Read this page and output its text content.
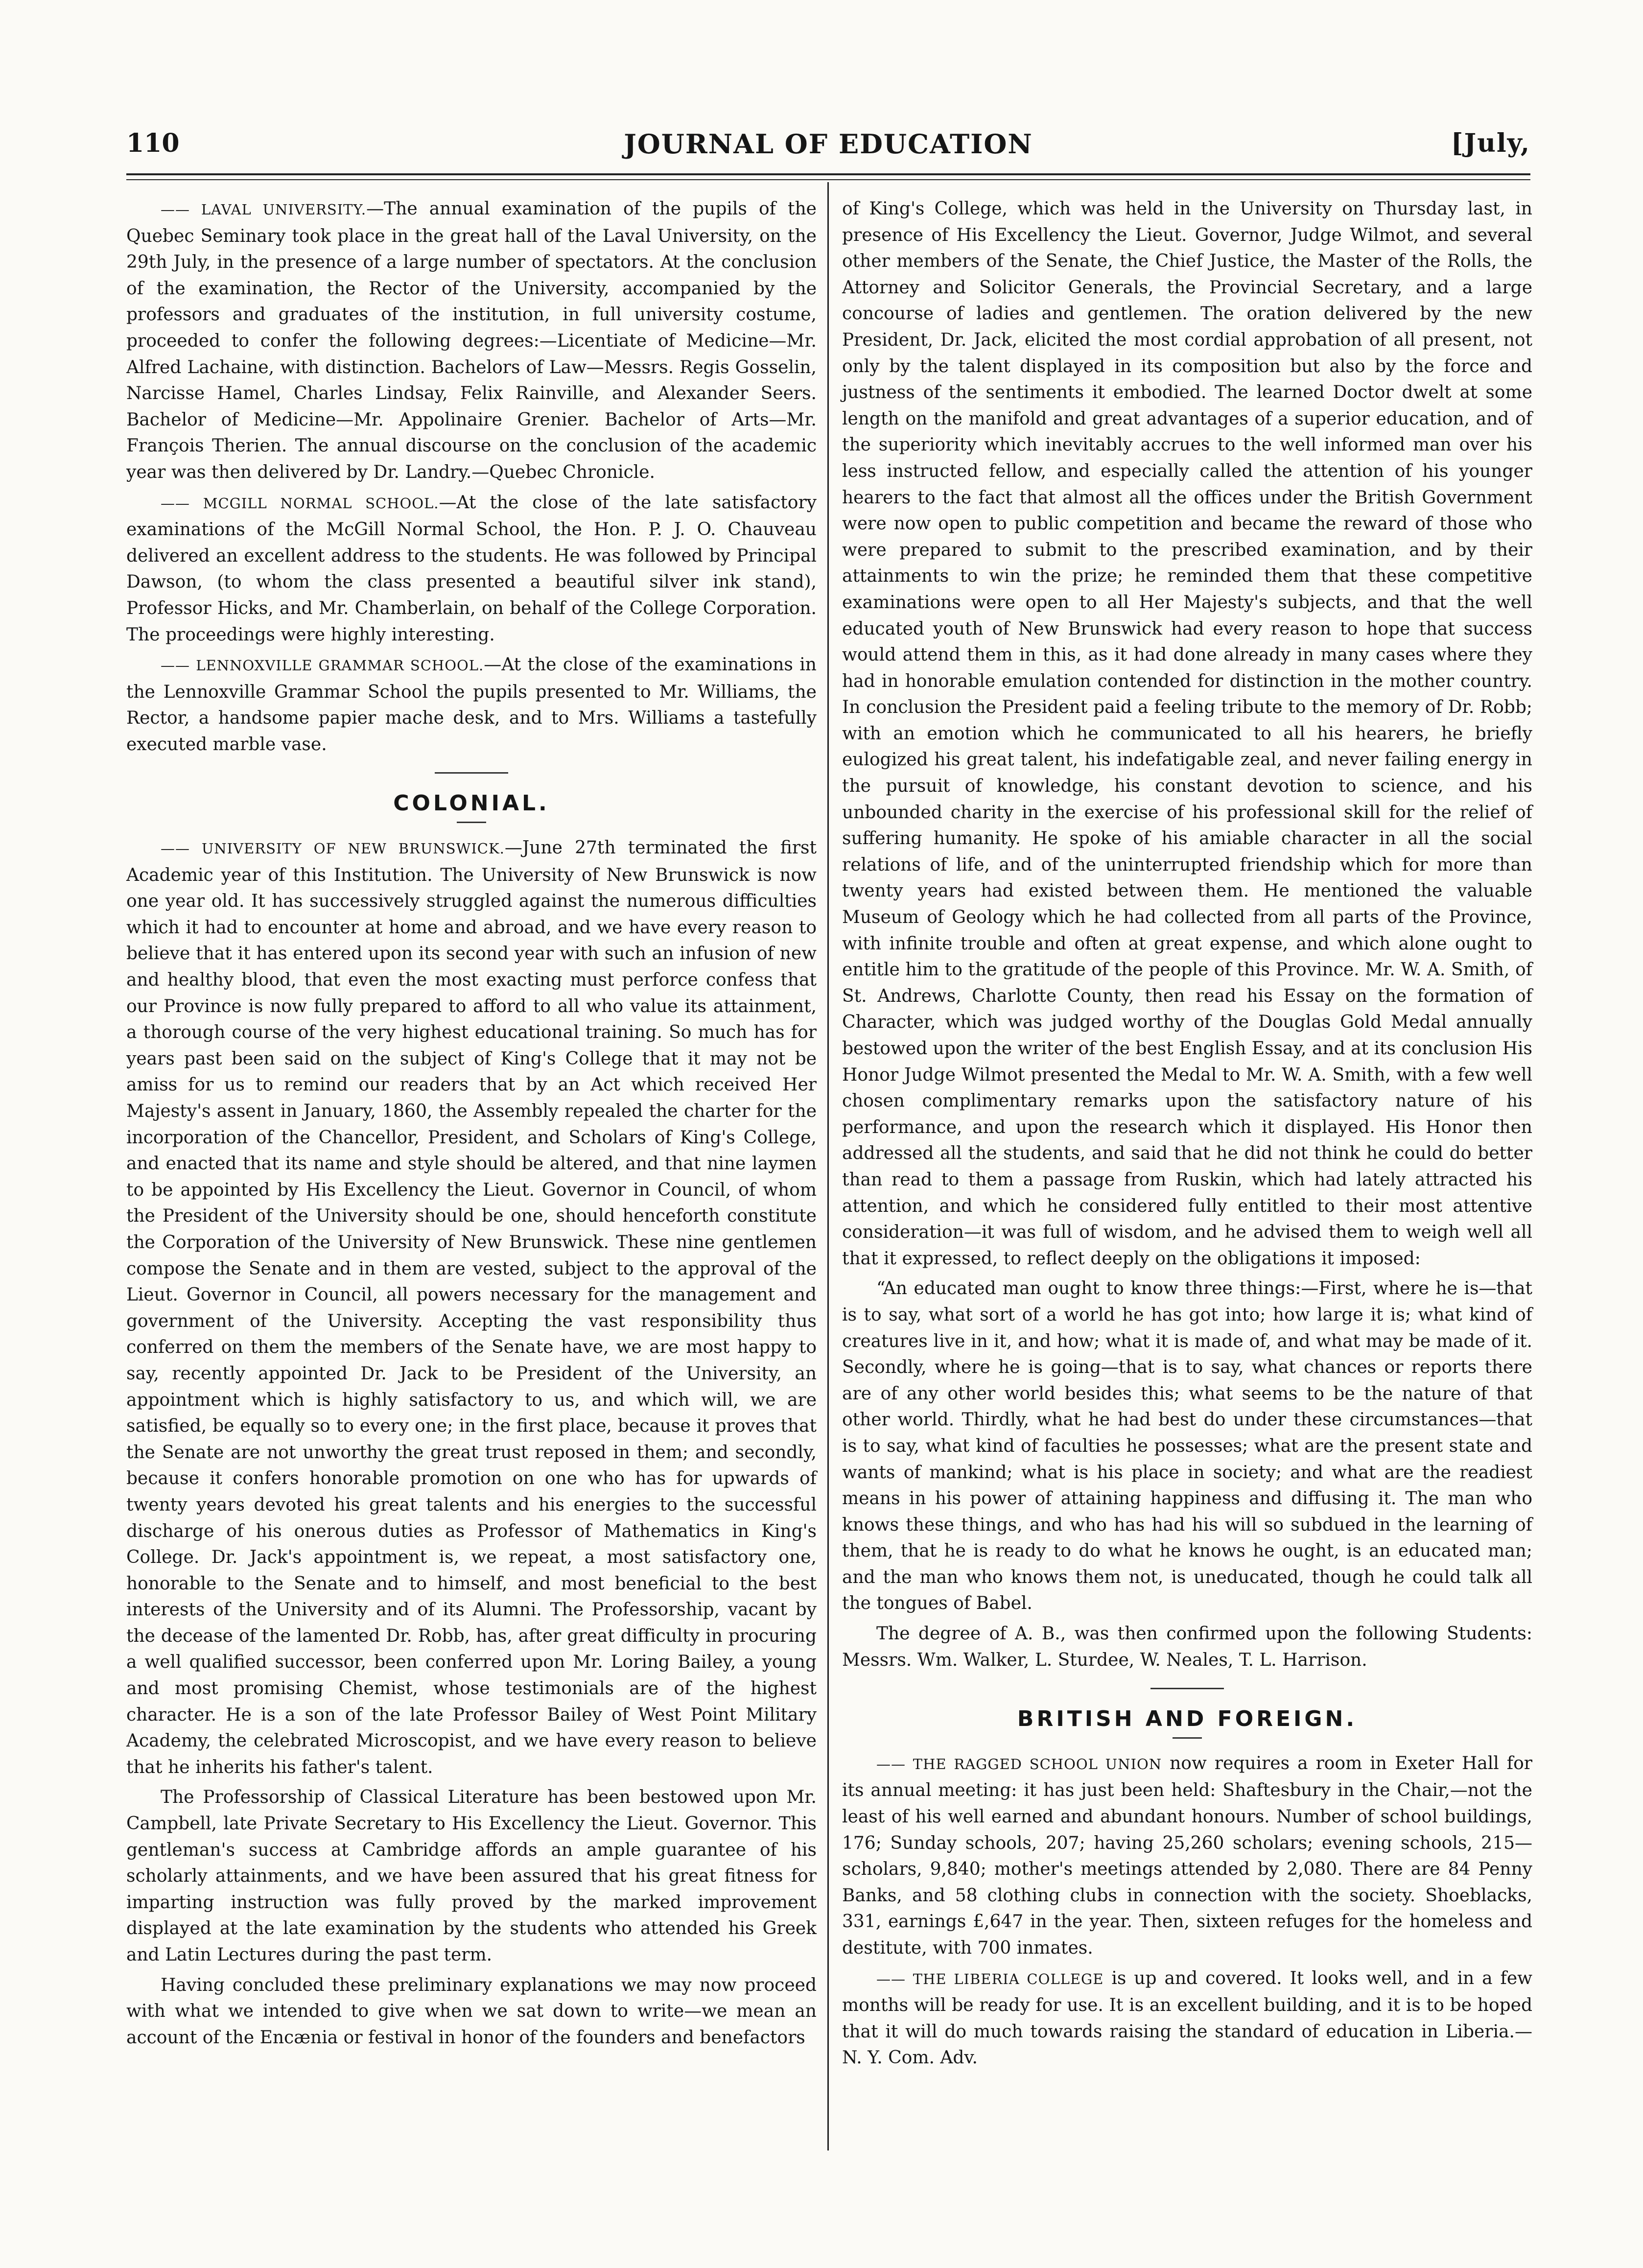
110	JOURNAL OF EDUCATION	[July,

—— LAVAL UNIVERSITY.—The annual examination of the pupils of the Quebec Seminary took place in the great hall of the Laval University, on the 29th July, in the presence of a large number of spectators. At the conclusion of the examination, the Rector of the University, accompanied by the professors and graduates of the institution, in full university costume, proceeded to confer the following degrees:—Licentiate of Medicine—Mr. Alfred Lachaine, with distinction. Bachelors of Law—Messrs. Regis Gosselin, Narcisse Hamel, Charles Lindsay, Felix Rainville, and Alexander Seers. Bachelor of Medicine—Mr. Appolinaire Grenier. Bachelor of Arts—Mr. François Therien. The annual discourse on the conclusion of the academic year was then delivered by Dr. Landry.—Quebec Chronicle.

—— MCGILL NORMAL SCHOOL.—At the close of the late satisfactory examinations of the McGill Normal School, the Hon. P. J. O. Chauveau delivered an excellent address to the students. He was followed by Principal Dawson, (to whom the class presented a beautiful silver ink stand), Professor Hicks, and Mr. Chamberlain, on behalf of the College Corporation. The proceedings were highly interesting.

—— LENNOXVILLE GRAMMAR SCHOOL.—At the close of the examinations in the Lennoxville Grammar School the pupils presented to Mr. Williams, the Rector, a handsome papier mache desk, and to Mrs. Williams a tastefully executed marble vase.

COLONIAL.

—— UNIVERSITY OF NEW BRUNSWICK.—June 27th terminated the first Academic year of this Institution. The University of New Brunswick is now one year old. It has successively struggled against the numerous difficulties which it had to encounter at home and abroad, and we have every reason to believe that it has entered upon its second year with such an infusion of new and healthy blood, that even the most exacting must perforce confess that our Province is now fully prepared to afford to all who value its attainment, a thorough course of the very highest educational training. So much has for years past been said on the subject of King's College that it may not be amiss for us to remind our readers that by an Act which received Her Majesty's assent in January, 1860, the Assembly repealed the charter for the incorporation of the Chancellor, President, and Scholars of King's College, and enacted that its name and style should be altered, and that nine laymen to be appointed by His Excellency the Lieut. Governor in Council, of whom the President of the University should be one, should henceforth constitute the Corporation of the University of New Brunswick. These nine gentlemen compose the Senate and in them are vested, subject to the approval of the Lieut. Governor in Council, all powers necessary for the management and government of the University. Accepting the vast responsibility thus conferred on them the members of the Senate have, we are most happy to say, recently appointed Dr. Jack to be President of the University, an appointment which is highly satisfactory to us, and which will, we are satisfied, be equally so to every one; in the first place, because it proves that the Senate are not unworthy the great trust reposed in them; and secondly, because it confers honorable promotion on one who has for upwards of twenty years devoted his great talents and his energies to the successful discharge of his onerous duties as Professor of Mathematics in King's College. Dr. Jack's appointment is, we repeat, a most satisfactory one, honorable to the Senate and to himself, and most beneficial to the best interests of the University and of its Alumni. The Professorship, vacant by the decease of the lamented Dr. Robb, has, after great difficulty in procuring a well qualified successor, been conferred upon Mr. Loring Bailey, a young and most promising Chemist, whose testimonials are of the highest character. He is a son of the late Professor Bailey of West Point Military Academy, the celebrated Microscopist, and we have every reason to believe that he inherits his father's talent.

The Professorship of Classical Literature has been bestowed upon Mr. Campbell, late Private Secretary to His Excellency the Lieut. Governor. This gentleman's success at Cambridge affords an ample guarantee of his scholarly attainments, and we have been assured that his great fitness for imparting instruction was fully proved by the marked improvement displayed at the late examination by the students who attended his Greek and Latin Lectures during the past term.

Having concluded these preliminary explanations we may now proceed with what we intended to give when we sat down to write—we mean an account of the Encænia or festival in honor of the founders and benefactors

of King's College, which was held in the University on Thursday last, in presence of His Excellency the Lieut. Governor, Judge Wilmot, and several other members of the Senate, the Chief Justice, the Master of the Rolls, the Attorney and Solicitor Generals, the Provincial Secretary, and a large concourse of ladies and gentlemen. The oration delivered by the new President, Dr. Jack, elicited the most cordial approbation of all present, not only by the talent displayed in its composition but also by the force and justness of the sentiments it embodied. The learned Doctor dwelt at some length on the manifold and great advantages of a superior education, and of the superiority which inevitably accrues to the well informed man over his less instructed fellow, and especially called the attention of his younger hearers to the fact that almost all the offices under the British Government were now open to public competition and became the reward of those who were prepared to submit to the prescribed examination, and by their attainments to win the prize; he reminded them that these competitive examinations were open to all Her Majesty's subjects, and that the well educated youth of New Brunswick had every reason to hope that success would attend them in this, as it had done already in many cases where they had in honorable emulation contended for distinction in the mother country. In conclusion the President paid a feeling tribute to the memory of Dr. Robb; with an emotion which he communicated to all his hearers, he briefly eulogized his great talent, his indefatigable zeal, and never failing energy in the pursuit of knowledge, his constant devotion to science, and his unbounded charity in the exercise of his professional skill for the relief of suffering humanity. He spoke of his amiable character in all the social relations of life, and of the uninterrupted friendship which for more than twenty years had existed between them. He mentioned the valuable Museum of Geology which he had collected from all parts of the Province, with infinite trouble and often at great expense, and which alone ought to entitle him to the gratitude of the people of this Province. Mr. W. A. Smith, of St. Andrews, Charlotte County, then read his Essay on the formation of Character, which was judged worthy of the Douglas Gold Medal annually bestowed upon the writer of the best English Essay, and at its conclusion His Honor Judge Wilmot presented the Medal to Mr. W. A. Smith, with a few well chosen complimentary remarks upon the satisfactory nature of his performance, and upon the research which it displayed. His Honor then addressed all the students, and said that he did not think he could do better than read to them a passage from Ruskin, which had lately attracted his attention, and which he considered fully entitled to their most attentive consideration—it was full of wisdom, and he advised them to weigh well all that it expressed, to reflect deeply on the obligations it imposed:

“An educated man ought to know three things:—First, where he is—that is to say, what sort of a world he has got into; how large it is; what kind of creatures live in it, and how; what it is made of, and what may be made of it. Secondly, where he is going—that is to say, what chances or reports there are of any other world besides this; what seems to be the nature of that other world. Thirdly, what he had best do under these circumstances—that is to say, what kind of faculties he possesses; what are the present state and wants of mankind; what is his place in society; and what are the readiest means in his power of attaining happiness and diffusing it. The man who knows these things, and who has had his will so subdued in the learning of them, that he is ready to do what he knows he ought, is an educated man; and the man who knows them not, is uneducated, though he could talk all the tongues of Babel.

The degree of A. B., was then confirmed upon the following Students: Messrs. Wm. Walker, L. Sturdee, W. Neales, T. L. Harrison.

BRITISH AND FOREIGN.

—— THE RAGGED SCHOOL UNION now requires a room in Exeter Hall for its annual meeting: it has just been held: Shaftesbury in the Chair,—not the least of his well earned and abundant honours. Number of school buildings, 176; Sunday schools, 207; having 25,260 scholars; evening schools, 215—scholars, 9,840; mother's meetings attended by 2,080. There are 84 Penny Banks, and 58 clothing clubs in connection with the society. Shoeblacks, 331, earnings £,647 in the year. Then, sixteen refuges for the homeless and destitute, with 700 inmates.

—— THE LIBERIA COLLEGE is up and covered. It looks well, and in a few months will be ready for use. It is an excellent building, and it is to be hoped that it will do much towards raising the standard of education in Liberia.—N. Y. Com. Adv.
